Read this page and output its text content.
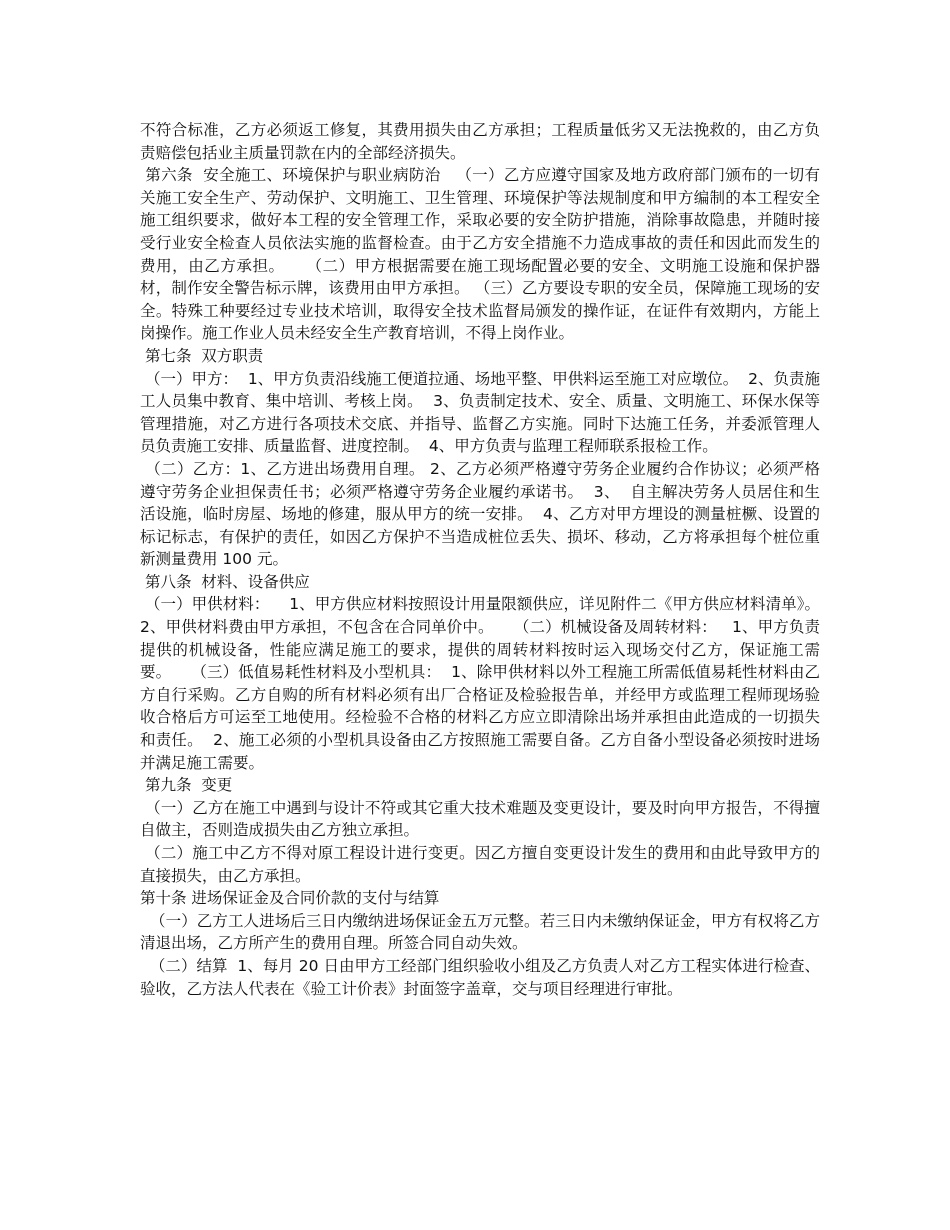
不符合标准，乙方必须返工修复，其费用损失由乙方承担；工程质量低劣又无法挽救的，由乙方负责赔偿包括业主质量罚款在内的全部经济损失。

第六条  安全施工、环境保护与职业病防治   （一）乙方应遵守国家及地方政府部门颁布的一切有关施工安全生产、劳动保护、文明施工、卫生管理、环境保护等法规制度和甲方编制的本工程安全施工组织要求，做好本工程的安全管理工作，采取必要的安全防护措施，消除事故隐患，并随时接受行业安全检查人员依法实施的监督检查。由于乙方安全措施不力造成事故的责任和因此而发生的费用，由乙方承担。    （二）甲方根据需要在施工现场配置必要的安全、文明施工设施和保护器材，制作安全警告标示牌，该费用由甲方承担。 （三）乙方要设专职的安全员，保障施工现场的安全。特殊工种要经过专业技术培训，取得安全技术监督局颁发的操作证，在证件有效期内，方能上岗操作。施工作业人员未经安全生产教育培训，不得上岗作业。

第七条  双方职责

（一）甲方：  1、甲方负责沿线施工便道拉通、场地平整、甲供料运至施工对应墩位。  2、负责施工人员集中教育、集中培训、考核上岗。  3、负责制定技术、安全、质量、文明施工、环保水保等管理措施，对乙方进行各项技术交底、并指导、监督乙方实施。同时下达施工任务，并委派管理人员负责施工安排、质量监督、进度控制。  4、甲方负责与监理工程师联系报检工作。

（二）乙方：1、乙方进出场费用自理。 2、乙方必须严格遵守劳务企业履约合作协议；必须严格遵守劳务企业担保责任书；必须严格遵守劳务企业履约承诺书。  3、  自主解决劳务人员居住和生活设施，临时房屋、场地的修建，服从甲方的统一安排。  4、乙方对甲方埋设的测量桩橛、设置的标记标志，有保护的责任，如因乙方保护不当造成桩位丢失、损坏、移动，乙方将承担每个桩位重新测量费用 100 元。

第八条  材料、设备供应

（一）甲供材料：    1、甲方供应材料按照设计用量限额供应，详见附件二《甲方供应材料清单》。  2、甲供材料费由甲方承担，不包含在合同单价中。    （二）机械设备及周转材料：   1、甲方负责提供的机械设备，性能应满足施工的要求，提供的周转材料按时运入现场交付乙方，保证施工需要。    （三）低值易耗性材料及小型机具：  1、除甲供材料以外工程施工所需低值易耗性材料由乙方自行采购。乙方自购的所有材料必须有出厂合格证及检验报告单，并经甲方或监理工程师现场验收合格后方可运至工地使用。经检验不合格的材料乙方应立即清除出场并承担由此造成的一切损失和责任。  2、施工必须的小型机具设备由乙方按照施工需要自备。乙方自备小型设备必须按时进场并满足施工需要。

第九条  变更

（一）乙方在施工中遇到与设计不符或其它重大技术难题及变更设计，要及时向甲方报告，不得擅自做主，否则造成损失由乙方独立承担。

（二）施工中乙方不得对原工程设计进行变更。因乙方擅自变更设计发生的费用和由此导致甲方的直接损失，由乙方承担。

第十条 进场保证金及合同价款的支付与结算

（一）乙方工人进场后三日内缴纳进场保证金五万元整。若三日内未缴纳保证金，甲方有权将乙方清退出场，乙方所产生的费用自理。所签合同自动失效。

（二）结算  1、每月 20 日由甲方工经部门组织验收小组及乙方负责人对乙方工程实体进行检查、验收，乙方法人代表在《验工计价表》封面签字盖章，交与项目经理进行审批。
